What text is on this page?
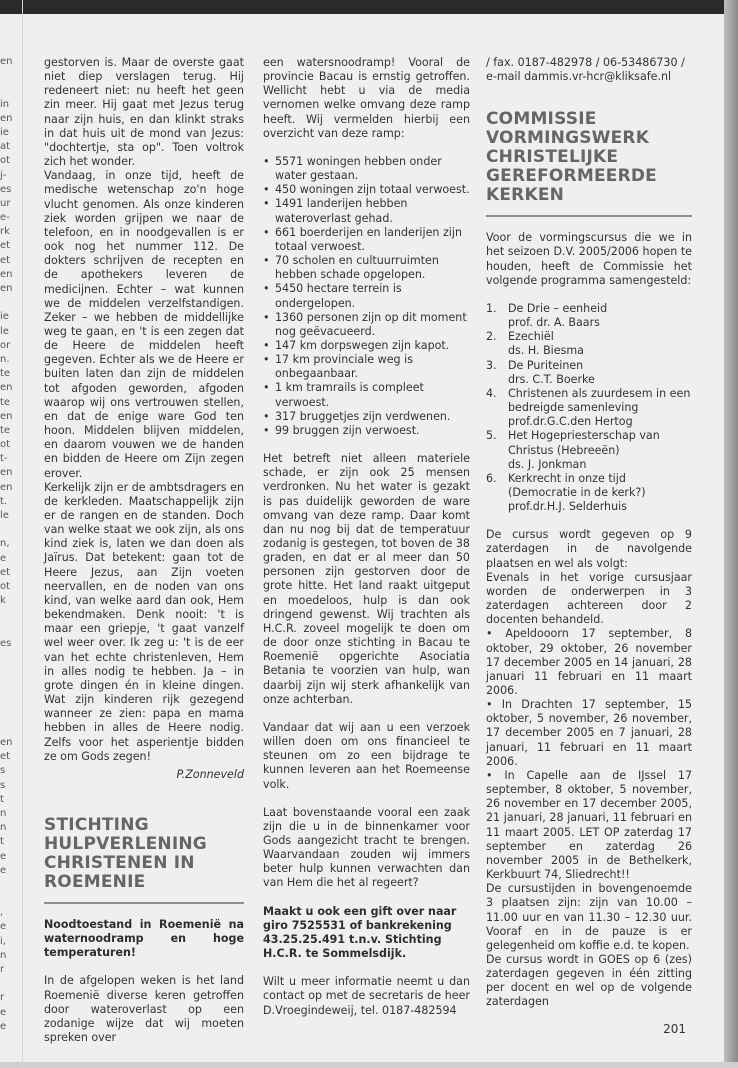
en
in
en
ie
at
ot
j-
es
ur
e-
rk
et
et
en
en
ie
le
or
n.
te
en
te
en
te
ot
t-
en
en
t.
le
n,
e
et
ot
k
es
en
et
s
s
t
n
n
t
e
e
,
e
i,
n
r
r
e
e

gestorven is. Maar de overste gaat niet diep verslagen terug. Hij redeneert niet: nu heeft het geen zin meer. Hij gaat met Jezus terug naar zijn huis, en dan klinkt straks in dat huis uit de mond van Jezus: "dochtertje, sta op". Toen voltrok zich het wonder.

Vandaag, in onze tijd, heeft de medische wetenschap zo'n hoge vlucht genomen. Als onze kinderen ziek worden grijpen we naar de telefoon, en in noodgevallen is er ook nog het nummer 112. De dokters schrijven de recepten en de apothekers leveren de medicijnen. Echter – wat kunnen we de middelen verzelfstandigen. Zeker – we hebben de middellijke weg te gaan, en 't is een zegen dat de Heere de middelen heeft gegeven. Echter als we de Heere er buiten laten dan zijn de middelen tot afgoden geworden, afgoden waarop wij ons vertrouwen stellen, en dat de enige ware God ten hoon. Middelen blijven middelen, en daarom vouwen we de handen en bidden de Heere om Zijn zegen erover.

Kerkelijk zijn er de ambtsdragers en de kerkleden. Maatschappelijk zijn er de rangen en de standen. Doch van welke staat we ook zijn, als ons kind ziek is, laten we dan doen als Jaïrus. Dat betekent: gaan tot de Heere Jezus, aan Zijn voeten neervallen, en de noden van ons kind, van welke aard dan ook, Hem bekendmaken. Denk nooit: 't is maar een griepje, 't gaat vanzelf wel weer over. Ik zeg u: 't is de eer van het echte christenleven, Hem in alles nodig te hebben. Ja – in grote dingen én in kleine dingen. Wat zijn kinderen rijk gezegend wanneer ze zien: papa en mama hebben in alles de Heere nodig. Zelfs voor het asperientje bidden ze om Gods zegen!

P.Zonneveld

STICHTING HULPVERLENING CHRISTENEN IN ROEMENIE

Noodtoestand in Roemenië na waternoodramp en hoge temperaturen!

In de afgelopen weken is het land Roemenië diverse keren getroffen door wateroverlast op een zodanige wijze dat wij moeten spreken over

een watersnoodramp! Vooral de provincie Bacau is ernstig getroffen. Wellicht hebt u via de media vernomen welke omvang deze ramp heeft. Wij vermelden hierbij een overzicht van deze ramp:

• 5571 woningen hebben onder water gestaan.
• 450 woningen zijn totaal verwoest.
• 1491 landerijen hebben wateroverlast gehad.
• 661 boerderijen en landerijen zijn totaal verwoest.
• 70 scholen en cultuurruimten hebben schade opgelopen.
• 5450 hectare terrein is ondergelopen.
• 1360 personen zijn op dit moment nog geëvacueerd.
• 147 km dorpswegen zijn kapot.
• 17 km provinciale weg is onbegaanbaar.
• 1 km tramrails is compleet verwoest.
• 317 bruggetjes zijn verdwenen.
• 99 bruggen zijn verwoest.

Het betreft niet alleen materiele schade, er zijn ook 25 mensen verdronken. Nu het water is gezakt is pas duidelijk geworden de ware omvang van deze ramp. Daar komt dan nu nog bij dat de temperatuur zodanig is gestegen, tot boven de 38 graden, en dat er al meer dan 50 personen zijn gestorven door de grote hitte. Het land raakt uitgeput en moedeloos, hulp is dan ook dringend gewenst. Wij trachten als H.C.R. zoveel mogelijk te doen om de door onze stichting in Bacau te Roemenië opgerichte Asociatia Betania te voorzien van hulp, wan daarbij zijn wij sterk afhankelijk van onze achterban.

Vandaar dat wij aan u een verzoek willen doen om ons financieel te steunen om zo een bijdrage te kunnen leveren aan het Roemeense volk.

Laat bovenstaande vooral een zaak zijn die u in de binnenkamer voor Gods aangezicht tracht te brengen. Waarvandaan zouden wij immers beter hulp kunnen verwachten dan van Hem die het al regeert?

Maakt u ook een gift over naar giro 7525531 of bankrekening 43.25.25.491 t.n.v. Stichting H.C.R. te Sommelsdijk.

Wilt u meer informatie neemt u dan contact op met de secretaris de heer D.Vroegindeweij, tel. 0187-482594

/ fax. 0187-482978 / 06-53486730 / e-mail dammis.vr-hcr@kliksafe.nl

COMMISSIE VORMINGSWERK CHRISTELIJKE GEREFORMEERDE KERKEN

Voor de vormingscursus die we in het seizoen D.V. 2005/2006 hopen te houden, heeft de Commissie het volgende programma samengesteld:

1.	De Drie – eenheid
prof. dr. A. Baars
2.	Ezechiël
ds. H. Biesma
3.	De Puriteinen
drs. C.T. Boerke
4.	Christenen als zuurdesem in een bedreigde samenleving
prof.dr.G.C.den Hertog
5.	Het Hogepriesterschap van Christus (Hebreeën)
ds. J. Jonkman
6.	Kerkrecht in onze tijd (Democratie in de kerk?)
prof.dr.H.J. Selderhuis

De cursus wordt gegeven op 9 zaterdagen in de navolgende plaatsen en wel als volgt:

Evenals in het vorige cursusjaar worden de onderwerpen in 3 zaterdagen achtereen door 2 docenten behandeld.

• Apeldooorn 17 september, 8 oktober, 29 oktober, 26 november 17 december 2005 en 14 januari, 28 januari 11 februari en 11 maart 2006.

• In Drachten 17 september, 15 oktober, 5 november, 26 november, 17 december 2005 en 7 januari, 28 januari, 11 februari en 11 maart 2006.

• In Capelle aan de IJssel 17 september, 8 oktober, 5 november, 26 november en 17 december 2005, 21 januari, 28 januari, 11 februari en 11 maart 2005. LET OP zaterdag 17 september en zaterdag 26 november 2005 in de Bethelkerk, Kerkbuurt 74, Sliedrecht!!

De cursustijden in bovengenoemde 3 plaatsen zijn: zijn van 10.00 – 11.00 uur en van 11.30 – 12.30 uur. Vooraf en in de pauze is er gelegenheid om koffie e.d. te kopen.

De cursus wordt in GOES op 6 (zes) zaterdagen gegeven in één zitting per docent en wel op de volgende zaterdagen

201
